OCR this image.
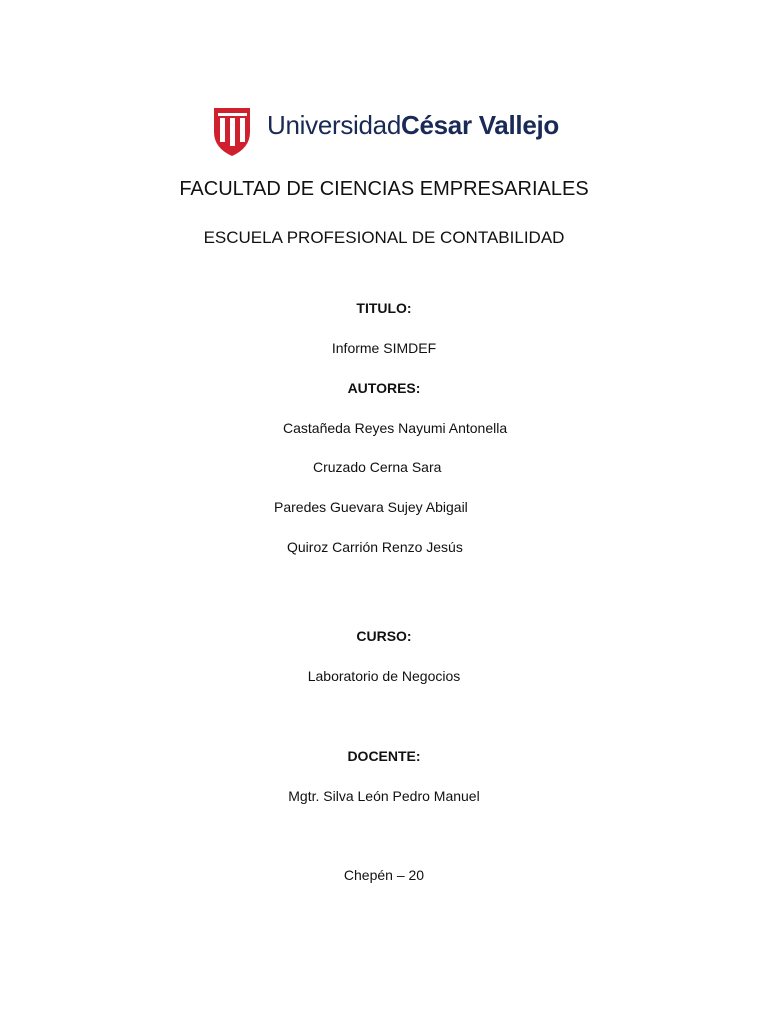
UniversidadCésar Vallejo
FACULTAD DE CIENCIAS EMPRESARIALES
ESCUELA PROFESIONAL DE CONTABILIDAD
TITULO:
Informe SIMDEF
AUTORES:
Castañeda Reyes Nayumi Antonella
Cruzado Cerna Sara
Paredes Guevara Sujey Abigail
Quiroz Carrión Renzo Jesús
CURSO:
Laboratorio de Negocios
DOCENTE:
Mgtr. Silva León Pedro Manuel
Chepén – 20
